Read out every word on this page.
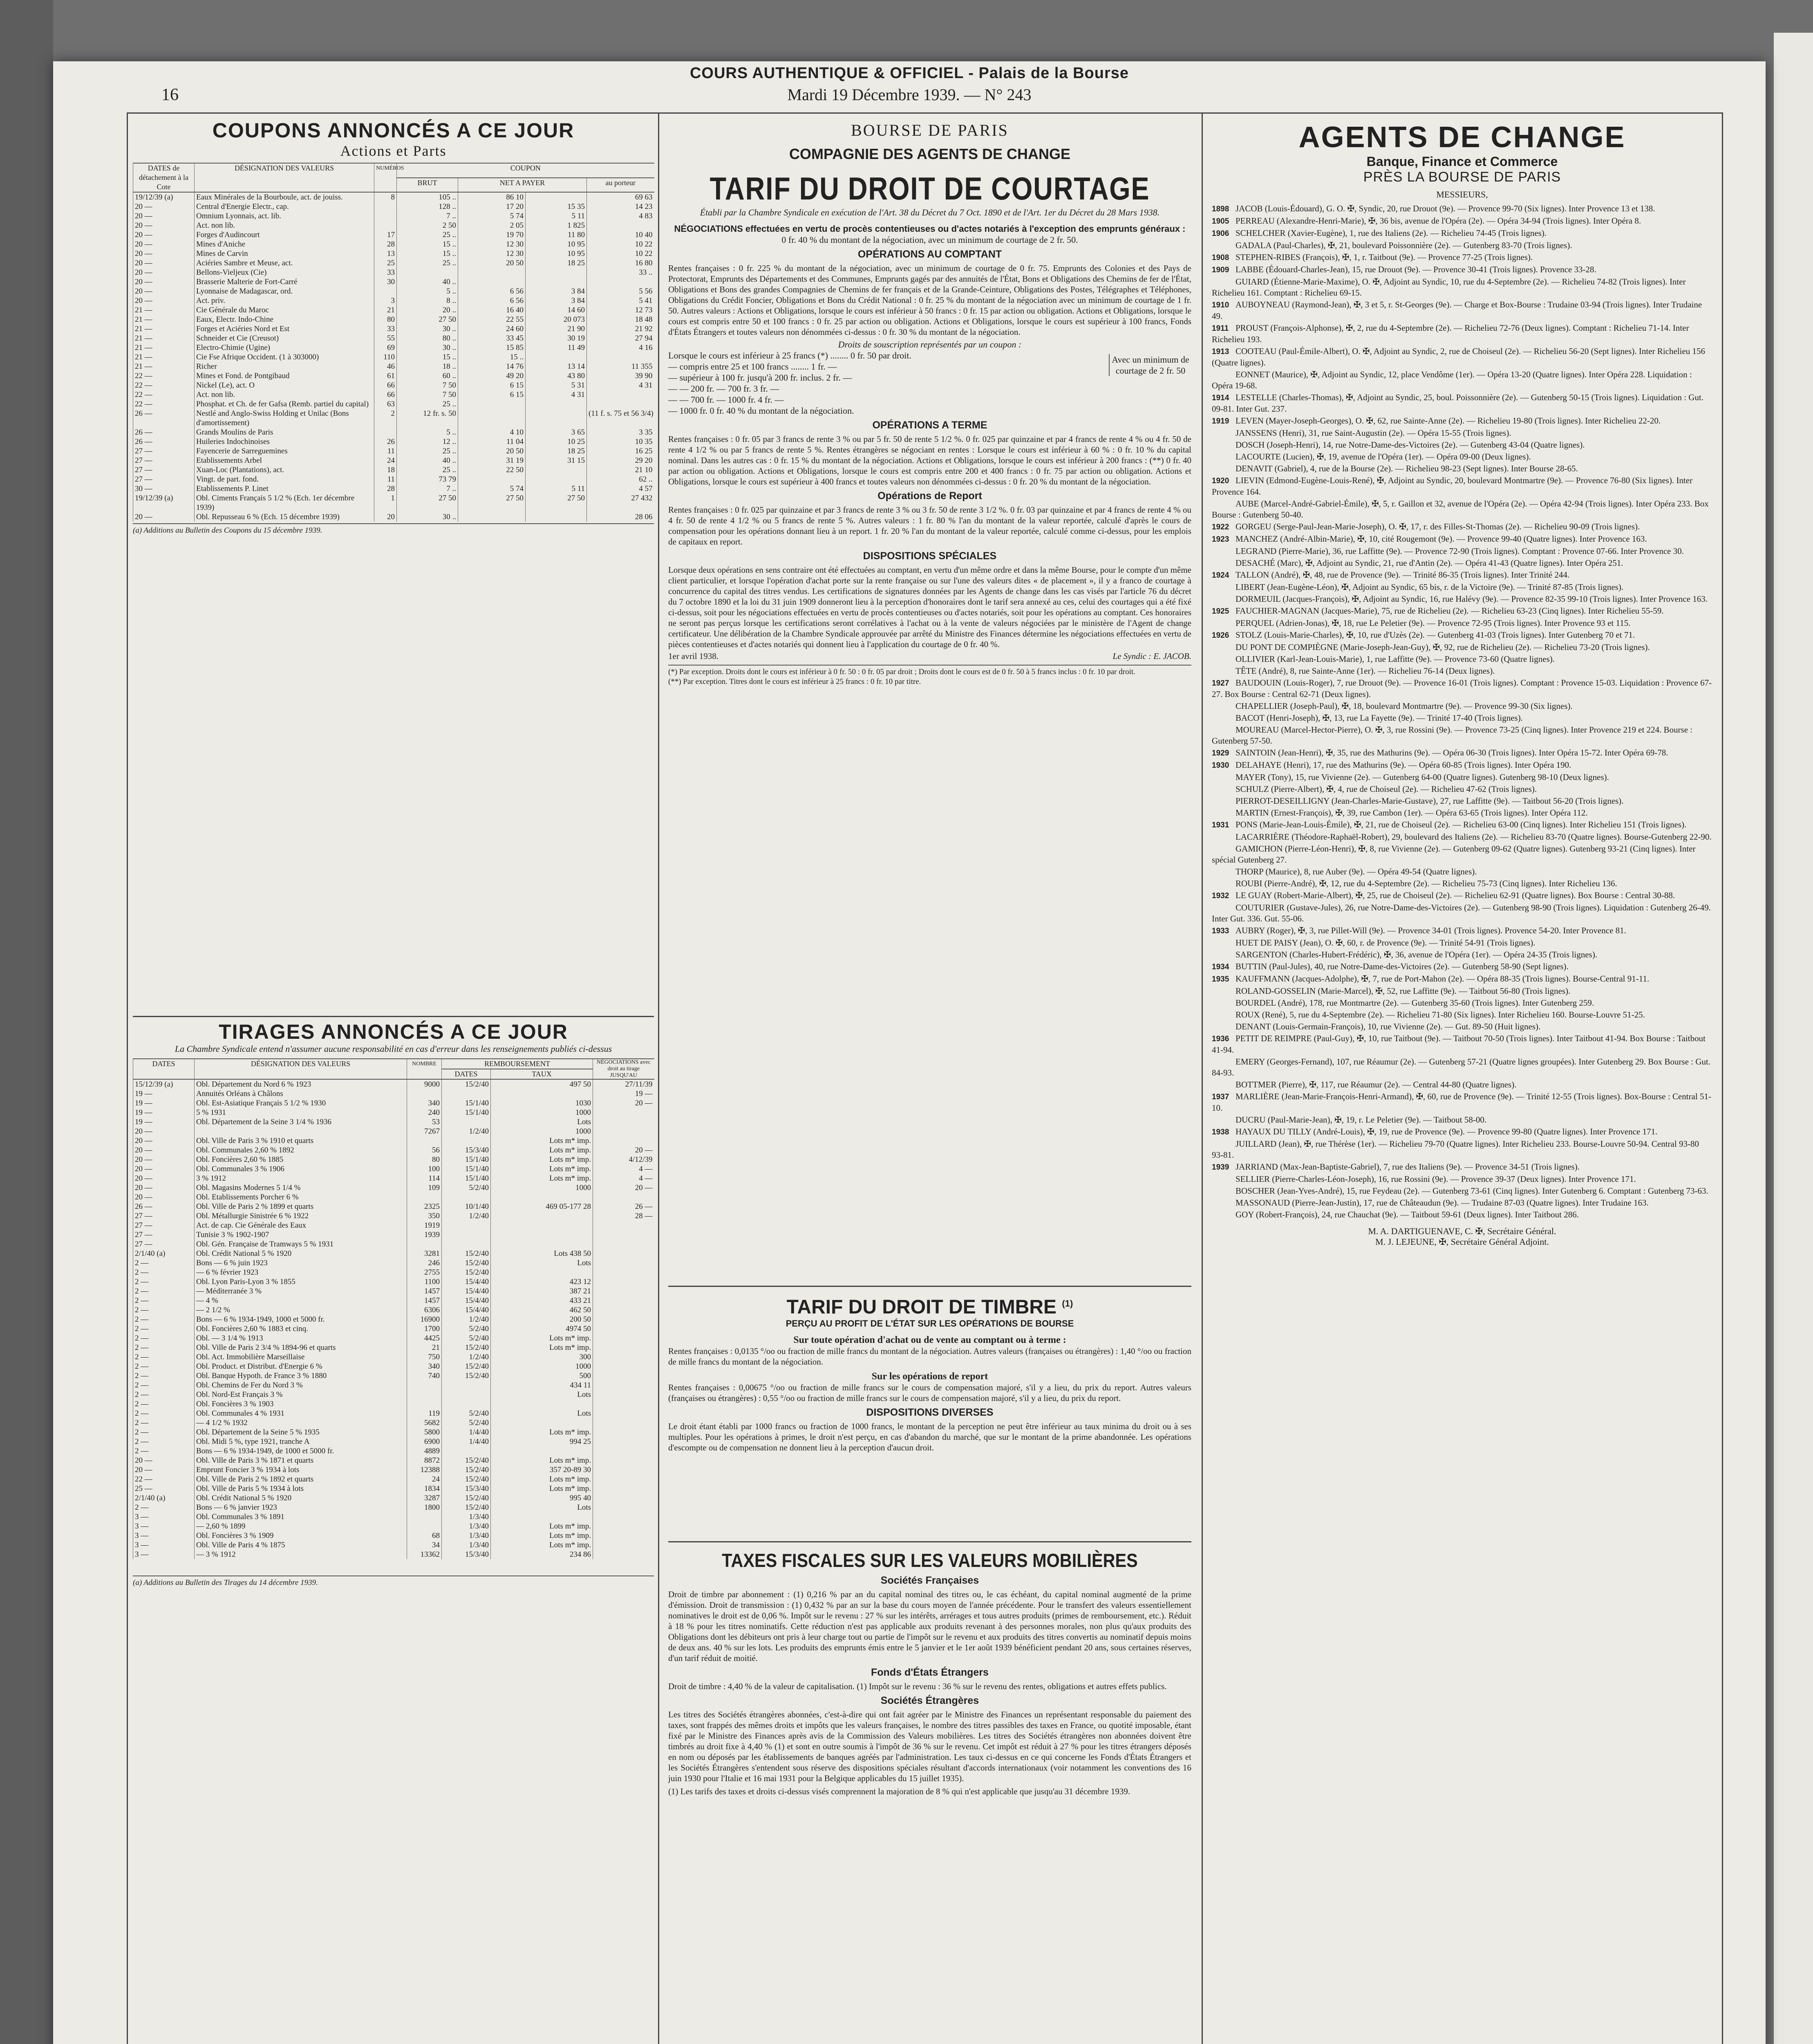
COURS AUTHENTIQUE & OFFICIEL - Palais de la Bourse
Mardi 19 Décembre 1939. — N° 243
16
COUPONS ANNONCÉS A CE JOUR
Actions et Parts
DATES de détachement à la Cote	DÉSIGNATION DES VALEURS	NUMÉROS	COUPON			
			BRUT	NET A PAYER		au porteur
19/12/39 (a)	Eaux Minérales de la Bourboule, act. de jouiss.	8	105 ..	86 10		69 63
20 —	Central d'Energie Electr., cap.		128 ..	17 20	15 35	14 23
20 —	Omnium Lyonnais, act. lib.		7 ..	5 74	5 11	4 83
20 —	Act. non lib.		2 50	2 05	1 825	
20 —	Forges d'Audincourt	17	25 ..	19 70	11 80	10 40
20 —	Mines d'Aniche	28	15 ..	12 30	10 95	10 22
20 —	Mines de Carvin	13	15 ..	12 30	10 95	10 22
20 —	Aciéries Sambre et Meuse, act.	25	25 ..	20 50	18 25	16 80
20 —	Bellons-Vieljeux (Cie)	33				33 ..
20 —	Brasserie Malterie de Fort-Carré	30	40 ..			
20 —	Lyonnaise de Madagascar, ord.		5 ..	6 56	3 84	5 56
20 —	Act. priv.	3	8 ..	6 56	3 84	5 41
21 —	Cie Générale du Maroc	21	20 ..	16 40	14 60	12 73
21 —	Eaux, Electr. Indo-Chine	80	27 50	22 55	20 073	18 48
21 —	Forges et Aciéries Nord et Est	33	30 ..	24 60	21 90	21 92
21 —	Schneider et Cie (Creusot)	55	80 ..	33 45	30 19	27 94
21 —	Electro-Chimie (Ugine)	69	30 ..	15 85	11 49	4 16
21 —	Cie Fse Afrique Occident. (1 à 303000)	110	15 ..	15 ..		
21 —	Richer	46	18 ..	14 76	13 14	11 355
22 —	Mines et Fond. de Pontgibaud	61	60 ..	49 20	43 80	39 90
22 —	Nickel (Le), act. O	66	7 50	6 15	5 31	4 31
22 —	Act. non lib.	66	7 50	6 15	4 31	
22 —	Phosphat. et Ch. de fer Gafsa (Remb. partiel du capital)	63	25 ..			
26 —	Nestlé and Anglo-Swiss Holding et Unilac (Bons d'amortissement)	2	12 fr. s. 50			(11 f. s. 75 et 56 3/4)
26 —	Grands Moulins de Paris		5 ..	4 10	3 65	3 35
26 —	Huileries Indochinoises	26	12 ..	11 04	10 25	10 35
27 —	Fayencerie de Sarreguemines	11	25 ..	20 50	18 25	16 25
27 —	Etablissements Arbel	24	40 ..	31 19	31 15	29 20
27 —	Xuan-Loc (Plantations), act.	18	25 ..	22 50		21 10
27 —	Vingt. de part. fond.	11	73 79			62 ..
30 —	Etablissements P. Linet	28	7 ..	5 74	5 11	4 57
19/12/39 (a)	Obl. Ciments Français 5 1/2 % (Ech. 1er décembre 1939)	1	27 50	27 50	27 50	27 432
20 —	Obl. Repusseau 6 % (Ech. 15 décembre 1939)	20	30 ..			28 06
(a) Additions au Bulletin des Coupons du 15 décembre 1939.
TIRAGES ANNONCÉS A CE JOUR
La Chambre Syndicale entend n'assumer aucune responsabilité en cas d'erreur dans les renseignements publiés ci-dessus
DATES	DÉSIGNATION DES VALEURS	NOMBRE	REMBOURSEMENT		NÉGOCIATIONS avec droit au tirage JUSQU'AU
			DATES	TAUX	
15/12/39 (a)	Obl. Département du Nord 6 % 1923	9000	15/2/40	497 50	27/11/39
19 —	Annuités Orléans à Châlons				19 —
19 —	Obl. Est-Asiatique Français 5 1/2 % 1930	340	15/1/40	1030	20 —
19 —	5 % 1931	240	15/1/40	1000	
19 —	Obl. Département de la Seine 3 1/4 % 1936	53		Lots	
20 —		7267	1/2/40	1000	
20 —	Obl. Ville de Paris 3 % 1910 et quarts			Lots m* imp.	
20 —	Obl. Communales 2,60 % 1892	56	15/3/40	Lots m* imp.	20 —
20 —	Obl. Foncières 2,60 % 1885	80	15/1/40	Lots m* imp.	4/12/39
20 —	Obl. Communales 3 % 1906	100	15/1/40	Lots m* imp.	4 —
20 —	3 % 1912	114	15/1/40	Lots m* imp.	4 —
20 —	Obl. Magasins Modernes 5 1/4 %	109	5/2/40	1000	20 —
20 —	Obl. Etablissements Porcher 6 %				
26 —	Obl. Ville de Paris 2 % 1899 et quarts	2325	10/1/40	469 05-177 28	26 —
27 —	Obl. Métallurgie Sinistrée 6 % 1922	350	1/2/40		28 —
27 —	Act. de cap. Cie Générale des Eaux	1919			
27 —	Tunisie 3 % 1902-1907	1939			
27 —	Obl. Gén. Française de Tramways 5 % 1931				
2/1/40 (a)	Obl. Crédit National 5 % 1920	3281	15/2/40	Lots 438 50	
2 —	Bons — 6 % juin 1923	246	15/2/40	Lots	
2 —	— 6 % février 1923	2755	15/2/40		
2 —	Obl. Lyon Paris-Lyon 3 % 1855	1100	15/4/40	423 12	
2 —	— Méditerranée 3 %	1457	15/4/40	387 21	
2 —	— 4 %	1457	15/4/40	433 21	
2 —	— 2 1/2 %	6306	15/4/40	462 50	
2 —	Bons — 6 % 1934-1949, 1000 et 5000 fr.	16900	1/2/40	200 50	
2 —	Obl. Foncières 2,60 % 1883 et cinq.	1700	5/2/40	4974 50	
2 —	Obl. — 3 1/4 % 1913	4425	5/2/40	Lots m* imp.	
2 —	Obl. Ville de Paris 2 3/4 % 1894-96 et quarts	21	15/2/40	Lots m* imp.	
2 —	Obl. Act. Immobilière Marseillaise	750	1/2/40	300	
2 —	Obl. Product. et Distribut. d'Energie 6 %	340	15/2/40	1000	
2 —	Obl. Banque Hypoth. de France 3 % 1880	740	15/2/40	500	
2 —	Obl. Chemins de Fer du Nord 3 %			434 11	
2 —	Obl. Nord-Est Français 3 %			Lots	
2 —	Obl. Foncières 3 % 1903				
2 —	Obl. Communales 4 % 1931	119	5/2/40	Lots	
2 —	— 4 1/2 % 1932	5682	5/2/40		
2 —	Obl. Département de la Seine 5 % 1935	5800	1/4/40	Lots m* imp.	
2 —	Obl. Midi 5 %, type 1921, tranche A	6900	1/4/40	994 25	
2 —	Bons — 6 % 1934-1949, de 1000 et 5000 fr.	4889			
20 —	Obl. Ville de Paris 3 % 1871 et quarts	8872	15/2/40	Lots m* imp.	
20 —	Emprunt Foncier 3 % 1934 à lots	12388	15/2/40	357 20-89 30	
22 —	Obl. Ville de Paris 2 % 1892 et quarts	24	15/2/40	Lots m* imp.	
25 —	Obl. Ville de Paris 5 % 1934 à lots	1834	15/3/40	Lots m* imp.	
2/1/40 (a)	Obl. Crédit National 5 % 1920	3287	15/2/40	995 40	
2 —	Bons — 6 % janvier 1923	1800	15/2/40	Lots	
3 —	Obl. Communales 3 % 1891		1/3/40		
3 —	— 2,60 % 1899		1/3/40	Lots m* imp.	
3 —	Obl. Foncières 3 % 1909	68	1/3/40	Lots m* imp.	
3 —	Obl. Ville de Paris 4 % 1875	34	1/3/40	Lots m* imp.	
3 —	— 3 % 1912	13362	15/3/40	234 86	
(a) Additions au Bulletin des Tirages du 14 décembre 1939.

BOURSE DE PARIS
COMPAGNIE DES AGENTS DE CHANGE
TARIF DU DROIT DE COURTAGE
Établi par la Chambre Syndicale en exécution de l'Art. 38 du Décret du 7 Oct. 1890 et de l'Art. 1er du Décret du 28 Mars 1938.
NÉGOCIATIONS effectuées en vertu de procès contentieuses ou d'actes notariés à l'exception des emprunts généraux :
0 fr. 40 % du montant de la négociation, avec un minimum de courtage de 2 fr. 50.
OPÉRATIONS AU COMPTANT

Rentes françaises : 0 fr. 225 % du montant de la négociation, avec un minimum de courtage de 0 fr. 75. Emprunts des Colonies et des Pays de Protectorat, Emprunts des Départements et des Communes, Emprunts gagés par des annuités de l'État, Bons et Obligations des Chemins de fer de l'État, Obligations et Bons des grandes Compagnies de Chemins de fer français et de la Grande-Ceinture, Obligations des Postes, Télégraphes et Téléphones, Obligations du Crédit Foncier, Obligations et Bons du Crédit National : 0 fr. 25 % du montant de la négociation avec un minimum de courtage de 1 fr. 50. Autres valeurs : Actions et Obligations, lorsque le cours est inférieur à 50 francs : 0 fr. 15 par action ou obligation. Actions et Obligations, lorsque le cours est compris entre 50 et 100 francs : 0 fr. 25 par action ou obligation. Actions et Obligations, lorsque le cours est supérieur à 100 francs, Fonds d'États Étrangers et toutes valeurs non dénommées ci-dessus : 0 fr. 30 % du montant de la négociation.

Droits de souscription représentés par un coupon :
Lorsque le cours est inférieur à 25 francs (*) ........ 0 fr. 50 par droit.
— compris entre 25 et 100 francs ........ 1 fr. —
— supérieur à 100 fr. jusqu'à 200 fr. inclus. 2 fr. —
— — 200 fr. — 700 fr. 3 fr. —
— — 700 fr. — 1000 fr. 4 fr. —
— 1000 fr. 0 fr. 40 % du montant de la négociation.
Avec un minimum de courtage de 2 fr. 50
OPÉRATIONS A TERME

Rentes françaises : 0 fr. 05 par 3 francs de rente 3 % ou par 5 fr. 50 de rente 5 1/2 %. 0 fr. 025 par quinzaine et par 4 francs de rente 4 % ou 4 fr. 50 de rente 4 1/2 % ou par 5 francs de rente 5 %. Rentes étrangères se négociant en rentes : Lorsque le cours est inférieur à 60 % : 0 fr. 10 % du capital nominal. Dans les autres cas : 0 fr. 15 % du montant de la négociation. Actions et Obligations, lorsque le cours est inférieur à 200 francs : (**) 0 fr. 40 par action ou obligation. Actions et Obligations, lorsque le cours est compris entre 200 et 400 francs : 0 fr. 75 par action ou obligation. Actions et Obligations, lorsque le cours est supérieur à 400 francs et toutes valeurs non dénommées ci-dessus : 0 fr. 20 % du montant de la négociation.

Opérations de Report

Rentes françaises : 0 fr. 025 par quinzaine et par 3 francs de rente 3 % ou 3 fr. 50 de rente 3 1/2 %. 0 fr. 03 par quinzaine et par 4 francs de rente 4 % ou 4 fr. 50 de rente 4 1/2 % ou 5 francs de rente 5 %. Autres valeurs : 1 fr. 80 % l'an du montant de la valeur reportée, calculé d'après le cours de compensation pour les opérations donnant lieu à un report. 1 fr. 20 % l'an du montant de la valeur reportée, calculé comme ci-dessus, pour les emplois de capitaux en report.

DISPOSITIONS SPÉCIALES

Lorsque deux opérations en sens contraire ont été effectuées au comptant, en vertu d'un même ordre et dans la même Bourse, pour le compte d'un même client particulier, et lorsque l'opération d'achat porte sur la rente française ou sur l'une des valeurs dites « de placement », il y a franco de courtage à concurrence du capital des titres vendus. Les certifications de signatures données par les Agents de change dans les cas visés par l'article 76 du décret du 7 octobre 1890 et la loi du 31 juin 1909 donneront lieu à la perception d'honoraires dont le tarif sera annexé au ces, celui des courtages qui a été fixé ci-dessus, soit pour les négociations effectuées en vertu de procès contentieuses ou d'actes notariés, soit pour les opérations au comptant. Ces honoraires ne seront pas perçus lorsque les certifications seront corrélatives à l'achat ou à la vente de valeurs négociées par le ministère de l'Agent de change certificateur. Une délibération de la Chambre Syndicale approuvée par arrêté du Ministre des Finances détermine les négociations effectuées en vertu de pièces contentieuses et d'actes notariés qui donnent lieu à l'application du courtage de 0 fr. 40 %.

1er avril 1938.	Le Syndic : E. JACOB.
(*) Par exception. Droits dont le cours est inférieur à 0 fr. 50 : 0 fr. 05 par droit ; Droits dont le cours est de 0 fr. 50 à 5 francs inclus : 0 fr. 10 par droit.
(**) Par exception. Titres dont le cours est inférieur à 25 francs : 0 fr. 10 par titre.
TARIF DU DROIT DE TIMBRE $^{(1)}$
PERÇU AU PROFIT DE L'ÉTAT SUR LES OPÉRATIONS DE BOURSE
Sur toute opération d'achat ou de vente au comptant ou à terme :

Rentes françaises : 0,0135 °/oo ou fraction de mille francs du montant de la négociation. Autres valeurs (françaises ou étrangères) : 1,40 °/oo ou fraction de mille francs du montant de la négociation.

Sur les opérations de report

Rentes françaises : 0,00675 °/oo ou fraction de mille francs sur le cours de compensation majoré, s'il y a lieu, du prix du report. Autres valeurs (françaises ou étrangères) : 0,55 °/oo ou fraction de mille francs sur le cours de compensation majoré, s'il y a lieu, du prix du report.

DISPOSITIONS DIVERSES

Le droit étant établi par 1000 francs ou fraction de 1000 francs, le montant de la perception ne peut être inférieur au taux minima du droit ou à ses multiples. Pour les opérations à primes, le droit n'est perçu, en cas d'abandon du marché, que sur le montant de la prime abandonnée. Les opérations d'escompte ou de compensation ne donnent lieu à la perception d'aucun droit.

TAXES FISCALES SUR LES VALEURS MOBILIÈRES
Sociétés Françaises

Droit de timbre par abonnement : (1) 0,216 % par an du capital nominal des titres ou, le cas échéant, du capital nominal augmenté de la prime d'émission. Droit de transmission : (1) 0,432 % par an sur la base du cours moyen de l'année précédente. Pour le transfert des valeurs essentiellement nominatives le droit est de 0,06 %. Impôt sur le revenu : 27 % sur les intérêts, arrérages et tous autres produits (primes de remboursement, etc.). Réduit à 18 % pour les titres nominatifs. Cette réduction n'est pas applicable aux produits revenant à des personnes morales, non plus qu'aux produits des Obligations dont les débiteurs ont pris à leur charge tout ou partie de l'impôt sur le revenu et aux produits des titres convertis au nominatif depuis moins de deux ans. 40 % sur les lots. Les produits des emprunts émis entre le 5 janvier et le 1er août 1939 bénéficient pendant 20 ans, sous certaines réserves, d'un tarif réduit de moitié.

Fonds d'États Étrangers

Droit de timbre : 4,40 % de la valeur de capitalisation. (1) Impôt sur le revenu : 36 % sur le revenu des rentes, obligations et autres effets publics.

Sociétés Étrangères

Les titres des Sociétés étrangères abonnées, c'est-à-dire qui ont fait agréer par le Ministre des Finances un représentant responsable du paiement des taxes, sont frappés des mêmes droits et impôts que les valeurs françaises, le nombre des titres passibles des taxes en France, ou quotité imposable, étant fixé par le Ministre des Finances après avis de la Commission des Valeurs mobilières. Les titres des Sociétés étrangères non abonnées doivent être timbrés au droit fixe à 4,40 % (1) et sont en outre soumis à l'impôt de 36 % sur le revenu. Cet impôt est réduit à 27 % pour les titres étrangers déposés en nom ou déposés par les établissements de banques agréés par l'administration. Les taux ci-dessus en ce qui concerne les Fonds d'États Étrangers et les Sociétés Étrangères s'entendent sous réserve des dispositions spéciales résultant d'accords internationaux (voir notamment les conventions des 16 juin 1930 pour l'Italie et 16 mai 1931 pour la Belgique applicables du 15 juillet 1935).

(1) Les tarifs des taxes et droits ci-dessus visés comprennent la majoration de 8 % qui n'est applicable que jusqu'au 31 décembre 1939.

AGENTS DE CHANGE
Banque, Finance et Commerce
PRÈS LA BOURSE DE PARIS
MESSIEURS,
1898 JACOB (Louis-Édouard), G. O. ✠, Syndic, 20, rue Drouot (9e). — Provence 99-70 (Six lignes). Inter Provence 13 et 138.
1905 PERREAU (Alexandre-Henri-Marie), ✠, 36 bis, avenue de l'Opéra (2e). — Opéra 34-94 (Trois lignes). Inter Opéra 8.
1906 SCHELCHER (Xavier-Eugène), 1, rue des Italiens (2e). — Richelieu 74-45 (Trois lignes).
GADALA (Paul-Charles), ✠, 21, boulevard Poissonnière (2e). — Gutenberg 83-70 (Trois lignes).
1908 STEPHEN-RIBES (François), ✠, 1, r. Taitbout (9e). — Provence 77-25 (Trois lignes).
1909 LABBE (Édouard-Charles-Jean), 15, rue Drouot (9e). — Provence 30-41 (Trois lignes). Provence 33-28.
GUIARD (Étienne-Marie-Maxime), O. ✠, Adjoint au Syndic, 10, rue du 4-Septembre (2e). — Richelieu 74-82 (Trois lignes). Inter Richelieu 161. Comptant : Richelieu 69-15.
1910 AUBOYNEAU (Raymond-Jean), ✠, 3 et 5, r. St-Georges (9e). — Charge et Box-Bourse : Trudaine 03-94 (Trois lignes). Inter Trudaine 49.
1911 PROUST (François-Alphonse), ✠, 2, rue du 4-Septembre (2e). — Richelieu 72-76 (Deux lignes). Comptant : Richelieu 71-14. Inter Richelieu 193.
1913 COOTEAU (Paul-Émile-Albert), O. ✠, Adjoint au Syndic, 2, rue de Choiseul (2e). — Richelieu 56-20 (Sept lignes). Inter Richelieu 156 (Quatre lignes).
EONNET (Maurice), ✠, Adjoint au Syndic, 12, place Vendôme (1er). — Opéra 13-20 (Quatre lignes). Inter Opéra 228. Liquidation : Opéra 19-68.
1914 LESTELLE (Charles-Thomas), ✠, Adjoint au Syndic, 25, boul. Poissonnière (2e). — Gutenberg 50-15 (Trois lignes). Liquidation : Gut. 09-81. Inter Gut. 237.
1919 LEVEN (Mayer-Joseph-Georges), O. ✠, 62, rue Sainte-Anne (2e). — Richelieu 19-80 (Trois lignes). Inter Richelieu 22-20.
JANSSENS (Henri), 31, rue Saint-Augustin (2e). — Opéra 15-55 (Trois lignes).
DOSCH (Joseph-Henri), 14, rue Notre-Dame-des-Victoires (2e). — Gutenberg 43-04 (Quatre lignes).
LACOURTE (Lucien), ✠, 19, avenue de l'Opéra (1er). — Opéra 09-00 (Deux lignes).
DENAVIT (Gabriel), 4, rue de la Bourse (2e). — Richelieu 98-23 (Sept lignes). Inter Bourse 28-65.
1920 LIEVIN (Edmond-Eugène-Louis-René), ✠, Adjoint au Syndic, 20, boulevard Montmartre (9e). — Provence 76-80 (Six lignes). Inter Provence 164.
AUBE (Marcel-André-Gabriel-Émile), ✠, 5, r. Gaillon et 32, avenue de l'Opéra (2e). — Opéra 42-94 (Trois lignes). Inter Opéra 233. Box Bourse : Gutenberg 50-40.
1922 GORGEU (Serge-Paul-Jean-Marie-Joseph), O. ✠, 17, r. des Filles-St-Thomas (2e). — Richelieu 90-09 (Trois lignes).
1923 MANCHEZ (André-Albin-Marie), ✠, 10, cité Rougemont (9e). — Provence 99-40 (Quatre lignes). Inter Provence 163.
LEGRAND (Pierre-Marie), 36, rue Laffitte (9e). — Provence 72-90 (Trois lignes). Comptant : Provence 07-66. Inter Provence 30.
DESACHÉ (Marc), ✠, Adjoint au Syndic, 21, rue d'Antin (2e). — Opéra 41-43 (Quatre lignes). Inter Opéra 251.
1924 TALLON (André), ✠, 48, rue de Provence (9e). — Trinité 86-35 (Trois lignes). Inter Trinité 244.
LIBERT (Jean-Eugène-Léon), ✠, Adjoint au Syndic, 65 bis, r. de la Victoire (9e). — Trinité 87-85 (Trois lignes).
DORMEUIL (Jacques-François), ✠, Adjoint au Syndic, 16, rue Halévy (9e). — Provence 82-35 99-10 (Trois lignes). Inter Provence 163.
1925 FAUCHIER-MAGNAN (Jacques-Marie), 75, rue de Richelieu (2e). — Richelieu 63-23 (Cinq lignes). Inter Richelieu 55-59.
PERQUEL (Adrien-Jonas), ✠, 18, rue Le Peletier (9e). — Provence 72-95 (Trois lignes). Inter Provence 93 et 115.
1926 STOLZ (Louis-Marie-Charles), ✠, 10, rue d'Uzès (2e). — Gutenberg 41-03 (Trois lignes). Inter Gutenberg 70 et 71.
DU PONT DE COMPIÈGNE (Marie-Joseph-Jean-Guy), ✠, 92, rue de Richelieu (2e). — Richelieu 73-20 (Trois lignes).
OLLIVIER (Karl-Jean-Louis-Marie), 1, rue Laffitte (9e). — Provence 73-60 (Quatre lignes).
TÊTE (André), 8, rue Sainte-Anne (1er). — Richelieu 76-14 (Deux lignes).
1927 BAUDOUIN (Louis-Roger), 7, rue Drouot (9e). — Provence 16-01 (Trois lignes). Comptant : Provence 15-03. Liquidation : Provence 67-27. Box Bourse : Central 62-71 (Deux lignes).
CHAPELLIER (Joseph-Paul), ✠, 18, boulevard Montmartre (9e). — Provence 99-30 (Six lignes).
BACOT (Henri-Joseph), ✠, 13, rue La Fayette (9e). — Trinité 17-40 (Trois lignes).
MOUREAU (Marcel-Hector-Pierre), O. ✠, 3, rue Rossini (9e). — Provence 73-25 (Cinq lignes). Inter Provence 219 et 224. Bourse : Gutenberg 57-50.
1929 SAINTOIN (Jean-Henri), ✠, 35, rue des Mathurins (9e). — Opéra 06-30 (Trois lignes). Inter Opéra 15-72. Inter Opéra 69-78.
1930 DELAHAYE (Henri), 17, rue des Mathurins (9e). — Opéra 60-85 (Trois lignes). Inter Opéra 190.
MAYER (Tony), 15, rue Vivienne (2e). — Gutenberg 64-00 (Quatre lignes). Gutenberg 98-10 (Deux lignes).
SCHULZ (Pierre-Albert), ✠, 4, rue de Choiseul (2e). — Richelieu 47-62 (Trois lignes).
PIERROT-DESEILLIGNY (Jean-Charles-Marie-Gustave), 27, rue Laffitte (9e). — Taitbout 56-20 (Trois lignes).
MARTIN (Ernest-François), ✠, 39, rue Cambon (1er). — Opéra 63-65 (Trois lignes). Inter Opéra 112.
1931 PONS (Marie-Jean-Louis-Émile), ✠, 21, rue de Choiseul (2e). — Richelieu 63-00 (Cinq lignes). Inter Richelieu 151 (Trois lignes).
LACARRIÈRE (Théodore-Raphaël-Robert), 29, boulevard des Italiens (2e). — Richelieu 83-70 (Quatre lignes). Bourse-Gutenberg 22-90.
GAMICHON (Pierre-Léon-Henri), ✠, 8, rue Vivienne (2e). — Gutenberg 09-62 (Quatre lignes). Gutenberg 93-21 (Cinq lignes). Inter spécial Gutenberg 27.
THORP (Maurice), 8, rue Auber (9e). — Opéra 49-54 (Quatre lignes).
ROUBI (Pierre-André), ✠, 12, rue du 4-Septembre (2e). — Richelieu 75-73 (Cinq lignes). Inter Richelieu 136.
1932 LE GUAY (Robert-Marie-Albert), ✠, 25, rue de Choiseul (2e). — Richelieu 62-91 (Quatre lignes). Box Bourse : Central 30-88.
COUTURIER (Gustave-Jules), 26, rue Notre-Dame-des-Victoires (2e). — Gutenberg 98-90 (Trois lignes). Liquidation : Gutenberg 26-49. Inter Gut. 336. Gut. 55-06.
1933 AUBRY (Roger), ✠, 3, rue Pillet-Will (9e). — Provence 34-01 (Trois lignes). Provence 54-20. Inter Provence 81.
HUET DE PAISY (Jean), O. ✠, 60, r. de Provence (9e). — Trinité 54-91 (Trois lignes).
SARGENTON (Charles-Hubert-Frédéric), ✠, 36, avenue de l'Opéra (1er). — Opéra 24-35 (Trois lignes).
1934 BUTTIN (Paul-Jules), 40, rue Notre-Dame-des-Victoires (2e). — Gutenberg 58-90 (Sept lignes).
1935 KAUFFMANN (Jacques-Adolphe), ✠, 7, rue de Port-Mahon (2e). — Opéra 88-35 (Trois lignes). Bourse-Central 91-11.
ROLAND-GOSSELIN (Marie-Marcel), ✠, 52, rue Laffitte (9e). — Taitbout 56-80 (Trois lignes).
BOURDEL (André), 178, rue Montmartre (2e). — Gutenberg 35-60 (Trois lignes). Inter Gutenberg 259.
ROUX (René), 5, rue du 4-Septembre (2e). — Richelieu 71-80 (Six lignes). Inter Richelieu 160. Bourse-Louvre 51-25.
DENANT (Louis-Germain-François), 10, rue Vivienne (2e). — Gut. 89-50 (Huit lignes).
1936 PETIT DE REIMPRE (Paul-Guy), ✠, 10, rue Taitbout (9e). — Taitbout 70-50 (Trois lignes). Inter Taitbout 41-94. Box Bourse : Taitbout 41-94.
EMERY (Georges-Fernand), 107, rue Réaumur (2e). — Gutenberg 57-21 (Quatre lignes groupées). Inter Gutenberg 29. Box Bourse : Gut. 84-93.
BOTTMER (Pierre), ✠, 117, rue Réaumur (2e). — Central 44-80 (Quatre lignes).
1937 MARLIÈRE (Jean-Marie-François-Henri-Armand), ✠, 60, rue de Provence (9e). — Trinité 12-55 (Trois lignes). Box-Bourse : Central 51-10.
DUCRU (Paul-Marie-Jean), ✠, 19, r. Le Peletier (9e). — Taitbout 58-00.
1938 HAYAUX DU TILLY (André-Louis), ✠, 19, rue de Provence (9e). — Provence 99-80 (Quatre lignes). Inter Provence 171.
JUILLARD (Jean), ✠, rue Thérèse (1er). — Richelieu 79-70 (Quatre lignes). Inter Richelieu 233. Bourse-Louvre 50-94. Central 93-80 93-81.
1939 JARRIAND (Max-Jean-Baptiste-Gabriel), 7, rue des Italiens (9e). — Provence 34-51 (Trois lignes).
SELLIER (Pierre-Charles-Léon-Joseph), 16, rue Rossini (9e). — Provence 39-37 (Deux lignes). Inter Provence 171.
BOSCHER (Jean-Yves-André), 15, rue Feydeau (2e). — Gutenberg 73-61 (Cinq lignes). Inter Gutenberg 6. Comptant : Gutenberg 73-63.
MASSONAUD (Pierre-Jean-Justin), 17, rue de Châteaudun (9e). — Trudaine 87-03 (Quatre lignes). Inter Trudaine 163.
GOY (Robert-François), 24, rue Chauchat (9e). — Taitbout 59-61 (Deux lignes). Inter Taitbout 286.
M. A. DARTIGUENAVE, C. ✠, Secrétaire Général.
M. J. LEJEUNE, ✠, Secrétaire Général Adjoint.
